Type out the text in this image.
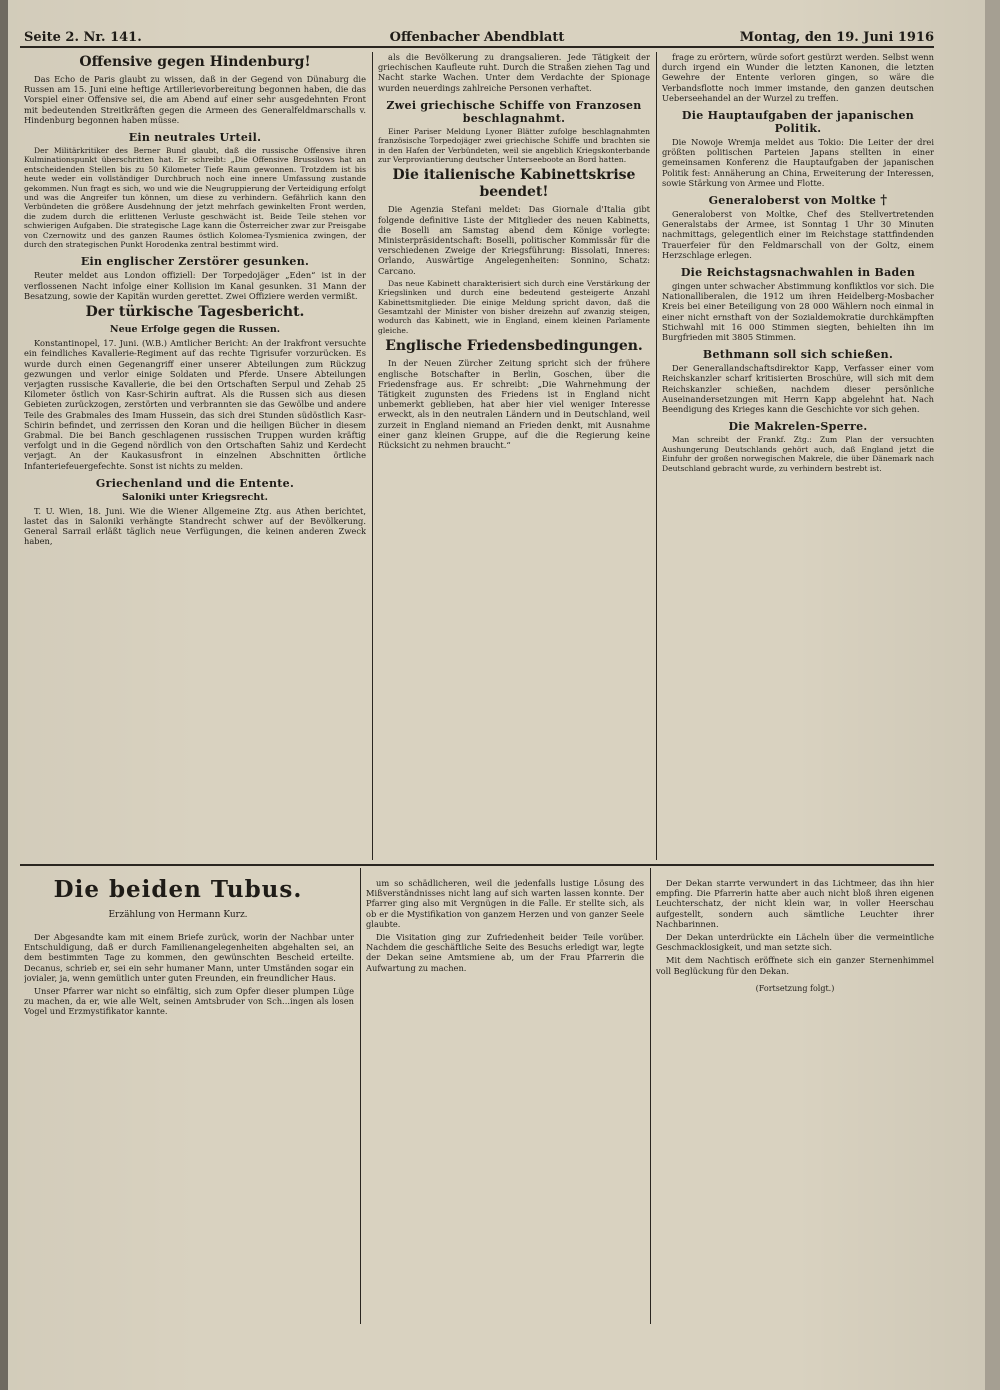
Seite 2. Nr. 141.	Offenbacher Abendblatt	Montag, den 19. Juni 1916
Offensive gegen Hindenburg!

Das Echo de Paris glaubt zu wissen, daß in der Gegend von Dünaburg die Russen am 15. Juni eine heftige Artillerievorbereitung begonnen haben, die das Vorspiel einer Offensive sei, die am Abend auf einer sehr ausgedehnten Front mit bedeutenden Streitkräften gegen die Armeen des Generalfeldmarschalls v. Hindenburg begonnen haben müsse.

Ein neutrales Urteil.

Der Militärkritiker des Berner Bund glaubt, daß die russische Offensive ihren Kulminationspunkt überschritten hat. Er schreibt: „Die Offensive Brussilows hat an entscheidenden Stellen bis zu 50 Kilometer Tiefe Raum gewonnen. Trotzdem ist bis heute weder ein vollständiger Durchbruch noch eine innere Umfassung zustande gekommen. Nun fragt es sich, wo und wie die Neugruppierung der Verteidigung erfolgt und was die Angreifer tun können, um diese zu verhindern. Gefährlich kann den Verbündeten die größere Ausdehnung der jetzt mehrfach gewinkelten Front werden, die zudem durch die erlittenen Verluste geschwächt ist. Beide Teile stehen vor schwierigen Aufgaben. Die strategische Lage kann die Österreicher zwar zur Preisgabe von Czernowitz und des ganzen Raumes östlich Kolomea-Tysmienica zwingen, der durch den strategischen Punkt Horodenka zentral bestimmt wird.

Ein englischer Zerstörer gesunken.

Reuter meldet aus London offiziell: Der Torpedojäger „Eden“ ist in der verflossenen Nacht infolge einer Kollision im Kanal gesunken. 31 Mann der Besatzung, sowie der Kapitän wurden gerettet. Zwei Offiziere werden vermißt.

Der türkische Tagesbericht.
Neue Erfolge gegen die Russen.

Konstantinopel, 17. Juni. (W.B.) Amtlicher Bericht: An der Irakfront versuchte ein feindliches Kavallerie-Regiment auf das rechte Tigrisufer vorzurücken. Es wurde durch einen Gegenangriff einer unserer Abteilungen zum Rückzug gezwungen und verlor einige Soldaten und Pferde. Unsere Abteilungen verjagten russische Kavallerie, die bei den Ortschaften Serpul und Zehab 25 Kilometer östlich von Kasr-Schirin auftrat. Als die Russen sich aus diesen Gebieten zurückzogen, zerstörten und verbrannten sie das Gewölbe und andere Teile des Grabmales des Imam Hussein, das sich drei Stunden südöstlich Kasr-Schirin befindet, und zerrissen den Koran und die heiligen Bücher in diesem Grabmal. Die bei Banch geschlagenen russischen Truppen wurden kräftig verfolgt und in die Gegend nördlich von den Ortschaften Sahiz und Kerdecht verjagt. An der Kaukasusfront in einzelnen Abschnitten örtliche Infanteriefeuergefechte. Sonst ist nichts zu melden.

Griechenland und die Entente.
Saloniki unter Kriegsrecht.

T. U. Wien, 18. Juni. Wie die Wiener Allgemeine Ztg. aus Athen berichtet, lastet das in Saloniki verhängte Standrecht schwer auf der Bevölkerung. General Sarrail erläßt täglich neue Verfügungen, die keinen anderen Zweck haben,

als die Bevölkerung zu drangsalieren. Jede Tätigkeit der griechischen Kaufleute ruht. Durch die Straßen ziehen Tag und Nacht starke Wachen. Unter dem Verdachte der Spionage wurden neuerdings zahlreiche Personen verhaftet.

Zwei griechische Schiffe von Franzosen beschlagnahmt.

Einer Pariser Meldung Lyoner Blätter zufolge beschlagnahmten französische Torpedojäger zwei griechische Schiffe und brachten sie in den Hafen der Verbündeten, weil sie angeblich Kriegskonterbande zur Verproviantierung deutscher Unterseeboote an Bord hatten.

Die italienische Kabinettskrise beendet!

Die Agenzia Stefani meldet: Das Giornale d'Italia gibt folgende definitive Liste der Mitglieder des neuen Kabinetts, die Boselli am Samstag abend dem Könige vorlegte: Ministerpräsidentschaft: Boselli, politischer Kommissär für die verschiedenen Zweige der Kriegsführung: Bissolati, Inneres: Orlando, Auswärtige Angelegenheiten: Sonnino, Schatz: Carcano.

Das neue Kabinett charakterisiert sich durch eine Verstärkung der Kriegslinken und durch eine bedeutend gesteigerte Anzahl Kabinettsmitglieder. Die einige Meldung spricht davon, daß die Gesamtzahl der Minister von bisher dreizehn auf zwanzig steigen, wodurch das Kabinett, wie in England, einem kleinen Parlamente gleiche.

Englische Friedensbedingungen.

In der Neuen Zürcher Zeitung spricht sich der frühere englische Botschafter in Berlin, Goschen, über die Friedensfrage aus. Er schreibt: „Die Wahrnehmung der Tätigkeit zugunsten des Friedens ist in England nicht unbemerkt geblieben, hat aber hier viel weniger Interesse erweckt, als in den neutralen Ländern und in Deutschland, weil zurzeit in England niemand an Frieden denkt, mit Ausnahme einer ganz kleinen Gruppe, auf die die Regierung keine Rücksicht zu nehmen braucht.“

frage zu erörtern, würde sofort gestürzt werden. Selbst wenn durch irgend ein Wunder die letzten Kanonen, die letzten Gewehre der Entente verloren gingen, so wäre die Verbandsflotte noch immer imstande, den ganzen deutschen Ueberseehandel an der Wurzel zu treffen.

Die Hauptaufgaben der japanischen Politik.

Die Nowoje Wremja meldet aus Tokio: Die Leiter der drei größten politischen Parteien Japans stellten in einer gemeinsamen Konferenz die Hauptaufgaben der japanischen Politik fest: Annäherung an China, Erweiterung der Interessen, sowie Stärkung von Armee und Flotte.

Generaloberst von Moltke †

Generaloberst von Moltke, Chef des Stellvertretenden Generalstabs der Armee, ist Sonntag 1 Uhr 30 Minuten nachmittags, gelegentlich einer im Reichstage stattfindenden Trauerfeier für den Feldmarschall von der Goltz, einem Herzschlage erlegen.

Die Reichstagsnachwahlen in Baden

gingen unter schwacher Abstimmung konfliktlos vor sich. Die Nationalliberalen, die 1912 um ihren Heidelberg-Mosbacher Kreis bei einer Beteiligung von 28 000 Wählern noch einmal in einer nicht ernsthaft von der Sozialdemokratie durchkämpften Stichwahl mit 16 000 Stimmen siegten, behielten ihn im Burgfrieden mit 3805 Stimmen.

Bethmann soll sich schießen.

Der Generallandschaftsdirektor Kapp, Verfasser einer vom Reichskanzler scharf kritisierten Broschüre, will sich mit dem Reichskanzler schießen, nachdem dieser persönliche Auseinandersetzungen mit Herrn Kapp abgelehnt hat. Nach Beendigung des Krieges kann die Geschichte vor sich gehen.

Die Makrelen-Sperre.

Man schreibt der Frankf. Ztg.: Zum Plan der versuchten Aushungerung Deutschlands gehört auch, daß England jetzt die Einfuhr der großen norwegischen Makrele, die über Dänemark nach Deutschland gebracht wurde, zu verhindern bestrebt ist.

Die beiden Tubus.
Erzählung von Hermann Kurz.

Der Abgesandte kam mit einem Briefe zurück, worin der Nachbar unter Entschuldigung, daß er durch Familienangelegenheiten abgehalten sei, an dem bestimmten Tage zu kommen, den gewünschten Bescheid erteilte. Decanus, schrieb er, sei ein sehr humaner Mann, unter Umständen sogar ein jovialer, ja, wenn gemütlich unter guten Freunden, ein freundlicher Haus.

Unser Pfarrer war nicht so einfältig, sich zum Opfer dieser plumpen Lüge zu machen, da er, wie alle Welt, seinen Amtsbruder von Sch...ingen als losen Vogel und Erzmystifikator kannte.

um so schädlicheren, weil die jedenfalls lustige Lösung des Mißverständnisses nicht lang auf sich warten lassen konnte. Der Pfarrer ging also mit Vergnügen in die Falle. Er stellte sich, als ob er die Mystifikation von ganzem Herzen und von ganzer Seele glaubte.

Die Visitation ging zur Zufriedenheit beider Teile vorüber. Nachdem die geschäftliche Seite des Besuchs erledigt war, legte der Dekan seine Amtsmiene ab, um der Frau Pfarrerin die Aufwartung zu machen.

Der Dekan starrte verwundert in das Lichtmeer, das ihn hier empfing. Die Pfarrerin hatte aber auch nicht bloß ihren eigenen Leuchterschatz, der nicht klein war, in voller Heerschau aufgestellt, sondern auch sämtliche Leuchter ihrer Nachbarinnen.

Der Dekan unterdrückte ein Lächeln über die vermeintliche Geschmacklosigkeit, und man setzte sich.

Mit dem Nachtisch eröffnete sich ein ganzer Sternenhimmel voll Beglückung für den Dekan.

(Fortsetzung folgt.)
